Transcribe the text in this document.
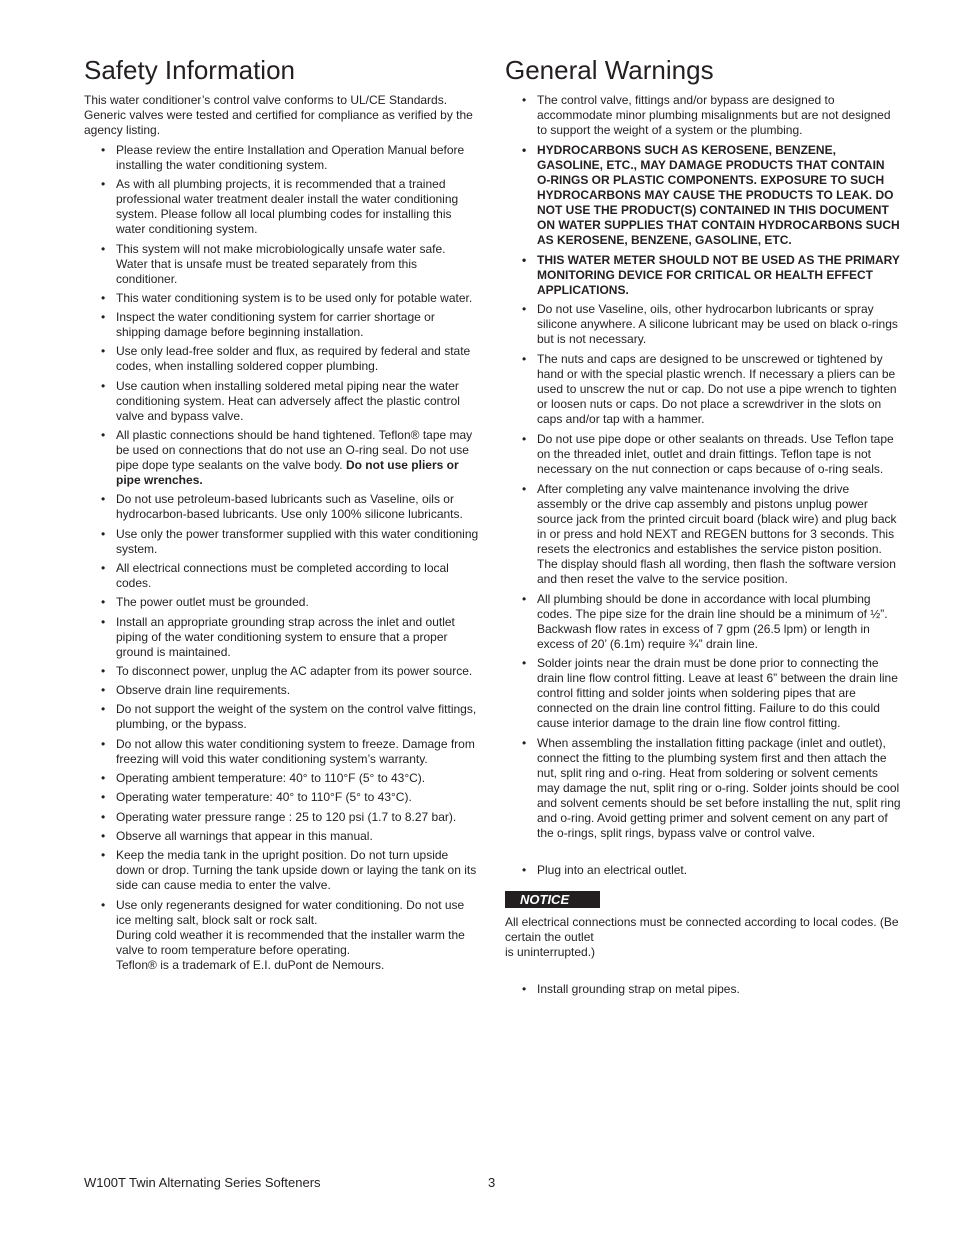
Safety Information

This water conditioner’s control valve conforms to UL/CE Standards. Generic valves were tested and certified for compliance as verified by the agency listing.

• Please review the entire Installation and Operation Manual before installing the water conditioning system.
• As with all plumbing projects, it is recommended that a trained professional water treatment dealer install the water conditioning system. Please follow all local plumbing codes for installing this water conditioning system.
• This system will not make microbiologically unsafe water safe. Water that is unsafe must be treated separately from this conditioner.
• This water conditioning system is to be used only for potable water.
• Inspect the water conditioning system for carrier shortage or shipping damage before beginning installation.
• Use only lead-free solder and flux, as required by federal and state codes, when installing soldered copper plumbing.
• Use caution when installing soldered metal piping near the water conditioning system. Heat can adversely affect the plastic control valve and bypass valve.
• All plastic connections should be hand tightened. Teflon® tape may be used on connections that do not use an O-ring seal. Do not use pipe dope type sealants on the valve body. Do not use pliers or pipe wrenches.
• Do not use petroleum-based lubricants such as Vaseline, oils or hydrocarbon-based lubricants. Use only 100% silicone lubricants.
• Use only the power transformer supplied with this water conditioning system.
• All electrical connections must be completed according to local codes.
• The power outlet must be grounded.
• Install an appropriate grounding strap across the inlet and outlet piping of the water conditioning system to ensure that a proper ground is maintained.
• To disconnect power, unplug the AC adapter from its power source.
• Observe drain line requirements.
• Do not support the weight of the system on the control valve fittings, plumbing, or the bypass.
• Do not allow this water conditioning system to freeze. Damage from freezing will void this water conditioning system’s warranty.
• Operating ambient temperature: 40° to 110°F (5° to 43°C).
• Operating water temperature: 40° to 110°F (5° to 43°C).
• Operating water pressure range : 25 to 120 psi (1.7 to 8.27 bar).
• Observe all warnings that appear in this manual.
• Keep the media tank in the upright position. Do not turn upside down or drop. Turning the tank upside down or laying the tank on its side can cause media to enter the valve.
• Use only regenerants designed for water conditioning. Do not use ice melting salt, block salt or rock salt.
During cold weather it is recommended that the installer warm the valve to room temperature before operating.
Teflon® is a trademark of E.I. duPont de Nemours.
General Warnings
• The control valve, fittings and/or bypass are designed to accommodate minor plumbing misalignments but are not designed to support the weight of a system or the plumbing.
• HYDROCARBONS SUCH AS KEROSENE, BENZENE, GASOLINE, ETC., MAY DAMAGE PRODUCTS THAT CONTAIN O-RINGS OR PLASTIC COMPONENTS. EXPOSURE TO SUCH HYDROCARBONS MAY CAUSE THE PRODUCTS TO LEAK. DO NOT USE THE PRODUCT(S) CONTAINED IN THIS DOCUMENT ON WATER SUPPLIES THAT CONTAIN HYDROCARBONS SUCH AS KEROSENE, BENZENE, GASOLINE, ETC.
• THIS WATER METER SHOULD NOT BE USED AS THE PRIMARY MONITORING DEVICE FOR CRITICAL OR HEALTH EFFECT APPLICATIONS.
• Do not use Vaseline, oils, other hydrocarbon lubricants or spray silicone anywhere. A silicone lubricant may be used on black o-rings but is not necessary.
• The nuts and caps are designed to be unscrewed or tightened by hand or with the special plastic wrench. If necessary a pliers can be used to unscrew the nut or cap. Do not use a pipe wrench to tighten or loosen nuts or caps. Do not place a screwdriver in the slots on caps and/or tap with a hammer.
• Do not use pipe dope or other sealants on threads. Use Teflon tape on the threaded inlet, outlet and drain fittings. Teflon tape is not necessary on the nut connection or caps because of o-ring seals.
• After completing any valve maintenance involving the drive assembly or the drive cap assembly and pistons unplug power source jack from the printed circuit board (black wire) and plug back in or press and hold NEXT and REGEN buttons for 3 seconds. This resets the electronics and establishes the service piston position. The display should flash all wording, then flash the software version and then reset the valve to the service position.
• All plumbing should be done in accordance with local plumbing codes. The pipe size for the drain line should be a minimum of ½”. Backwash flow rates in excess of 7 gpm (26.5 lpm) or length in excess of 20’ (6.1m) require ¾” drain line.
• Solder joints near the drain must be done prior to connecting the drain line flow control fitting. Leave at least 6” between the drain line control fitting and solder joints when soldering pipes that are connected on the drain line control fitting. Failure to do this could cause interior damage to the drain line flow control fitting.
• When assembling the installation fitting package (inlet and outlet), connect the fitting to the plumbing system first and then attach the nut, split ring and o-ring. Heat from soldering or solvent cements may damage the nut, split ring or o-ring. Solder joints should be cool and solvent cements should be set before installing the nut, split ring and o-ring. Avoid getting primer and solvent cement on any part of the o-rings, split rings, bypass valve or control valve.
• Plug into an electrical outlet.
NOTICE

All electrical connections must be connected according to local codes. (Be certain the outlet
is uninterrupted.)

• Install grounding strap on metal pipes.
W100T Twin Alternating Series Softeners	3
